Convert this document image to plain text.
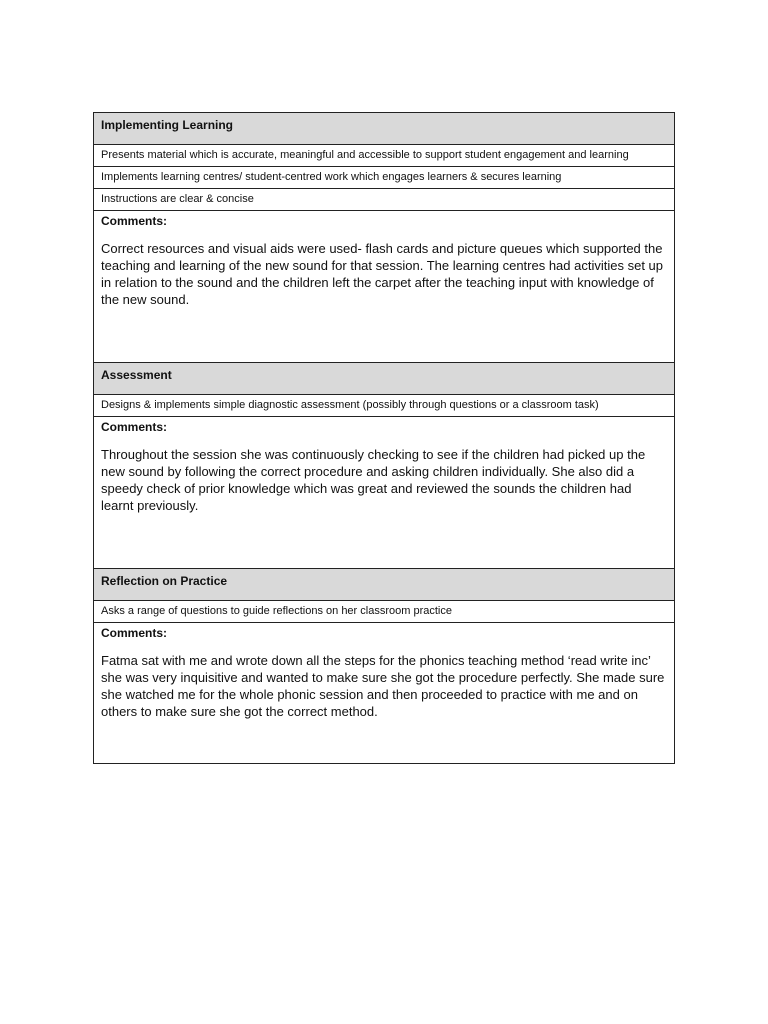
Implementing Learning
Presents material which is accurate, meaningful and accessible to support student engagement and learning
Implements learning centres/ student-centred work which engages learners & secures learning
Instructions are clear & concise

Comments:
Correct resources and visual aids were used- flash cards and picture queues which supported the teaching and learning of the new sound for that session. The learning centres had activities set up in relation to the sound and the children left the carpet after the teaching input with knowledge of the new sound.

Assessment
Designs & implements simple diagnostic assessment (possibly through questions or a classroom task)

Comments:
Throughout the session she was continuously checking to see if the children had picked up the new sound by following the correct procedure and asking children individually. She also did a speedy check of prior knowledge which was great and reviewed the sounds the children had learnt previously.

Reflection on Practice
Asks a range of questions to guide reflections on her classroom practice

Comments:
Fatma sat with me and wrote down all the steps for the phonics teaching method ‘read write inc’ she was very inquisitive and wanted to make sure she got the procedure perfectly. She made sure she watched me for the whole phonic session and then proceeded to practice with me and on others to make sure she got the correct method.
